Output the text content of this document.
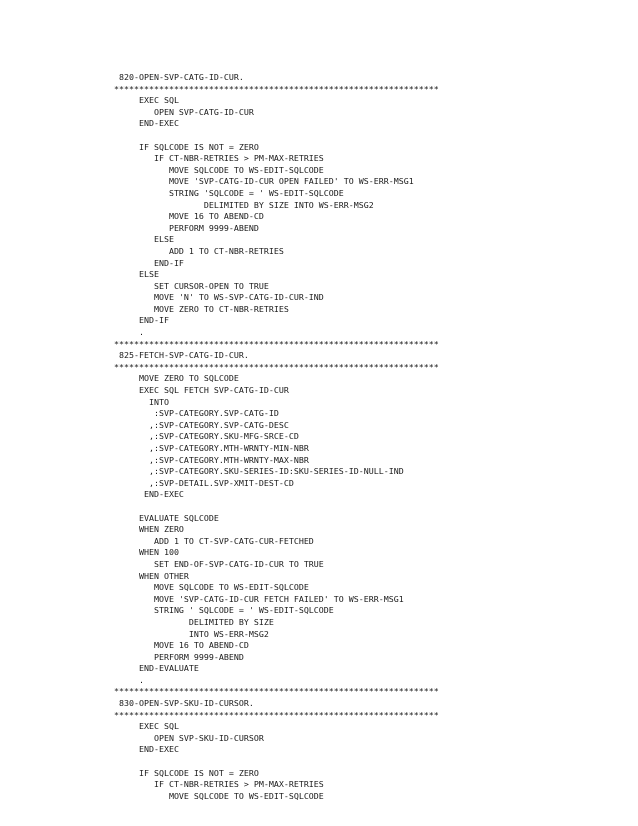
820-OPEN-SVP-CATG-ID-CUR.
*****************************************************************
EXEC SQL
OPEN SVP-CATG-ID-CUR
END-EXEC
IF SQLCODE IS NOT = ZERO
IF CT-NBR-RETRIES > PM-MAX-RETRIES
MOVE SQLCODE TO WS-EDIT-SQLCODE
MOVE 'SVP-CATG-ID-CUR OPEN FAILED' TO WS-ERR-MSG1
STRING 'SQLCODE = ' WS-EDIT-SQLCODE
DELIMITED BY SIZE INTO WS-ERR-MSG2
MOVE 16 TO ABEND-CD
PERFORM 9999-ABEND
ELSE
ADD 1 TO CT-NBR-RETRIES
END-IF
ELSE
SET CURSOR-OPEN TO TRUE
MOVE 'N' TO WS-SVP-CATG-ID-CUR-IND
MOVE ZERO TO CT-NBR-RETRIES
END-IF
.
*****************************************************************
825-FETCH-SVP-CATG-ID-CUR.
*****************************************************************
MOVE ZERO TO SQLCODE
EXEC SQL FETCH SVP-CATG-ID-CUR
INTO
:SVP-CATEGORY.SVP-CATG-ID
,:SVP-CATEGORY.SVP-CATG-DESC
,:SVP-CATEGORY.SKU-MFG-SRCE-CD
,:SVP-CATEGORY.MTH-WRNTY-MIN-NBR
,:SVP-CATEGORY.MTH-WRNTY-MAX-NBR
,:SVP-CATEGORY.SKU-SERIES-ID:SKU-SERIES-ID-NULL-IND
,:SVP-DETAIL.SVP-XMIT-DEST-CD
END-EXEC
EVALUATE SQLCODE
WHEN ZERO
ADD 1 TO CT-SVP-CATG-CUR-FETCHED
WHEN 100
SET END-OF-SVP-CATG-ID-CUR TO TRUE
WHEN OTHER
MOVE SQLCODE TO WS-EDIT-SQLCODE
MOVE 'SVP-CATG-ID-CUR FETCH FAILED' TO WS-ERR-MSG1
STRING ' SQLCODE = ' WS-EDIT-SQLCODE
DELIMITED BY SIZE
INTO WS-ERR-MSG2
MOVE 16 TO ABEND-CD
PERFORM 9999-ABEND
END-EVALUATE
.
*****************************************************************
830-OPEN-SVP-SKU-ID-CURSOR.
*****************************************************************
EXEC SQL
OPEN SVP-SKU-ID-CURSOR
END-EXEC
IF SQLCODE IS NOT = ZERO
IF CT-NBR-RETRIES > PM-MAX-RETRIES
MOVE SQLCODE TO WS-EDIT-SQLCODE
